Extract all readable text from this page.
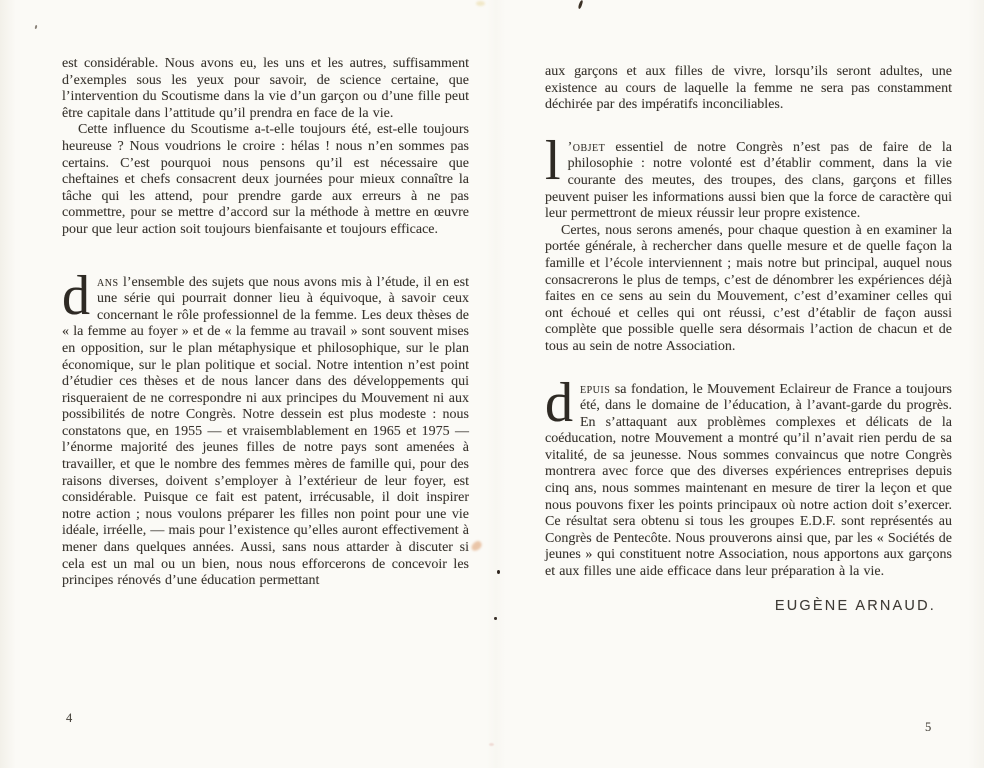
est considérable. Nous avons eu, les uns et les autres, suffisamment d’exemples sous les yeux pour savoir, de science certaine, que l’intervention du Scoutisme dans la vie d’un garçon ou d’une fille peut être capitale dans l’attitude qu’il prendra en face de la vie.

Cette influence du Scoutisme a-t-elle toujours été, est-elle toujours heureuse ? Nous voudrions le croire : hélas ! nous n’en sommes pas certains. C’est pourquoi nous pensons qu’il est nécessaire que cheftaines et chefs consacrent deux journées pour mieux connaître la tâche qui les attend, pour prendre garde aux erreurs à ne pas commettre, pour se mettre d’accord sur la méthode à mettre en œuvre pour que leur action soit toujours bienfaisante et toujours efficace.

dans l’ensemble des sujets que nous avons mis à l’étude, il en est une série qui pourrait donner lieu à équivoque, à savoir ceux concernant le rôle professionnel de la femme. Les deux thèses de « la femme au foyer » et de « la femme au travail » sont souvent mises en opposition, sur le plan métaphysique et philosophique, sur le plan économique, sur le plan politique et social. Notre intention n’est point d’étudier ces thèses et de nous lancer dans des développements qui risqueraient de ne correspondre ni aux principes du Mouvement ni aux possibilités de notre Congrès. Notre dessein est plus modeste : nous constatons que, en 1955 — et vraisemblablement en 1965 et 1975 — l’énorme majorité des jeunes filles de notre pays sont amenées à travailler, et que le nombre des femmes mères de famille qui, pour des raisons diverses, doivent s’employer à l’extérieur de leur foyer, est considérable. Puisque ce fait est patent, irrécusable, il doit inspirer notre action ; nous voulons préparer les filles non point pour une vie idéale, irréelle, — mais pour l’existence qu’elles auront effectivement à mener dans quelques années. Aussi, sans nous attarder à discuter si cela est un mal ou un bien, nous nous efforcerons de concevoir les principes rénovés d’une éducation permettant

aux garçons et aux filles de vivre, lorsqu’ils seront adultes, une existence au cours de laquelle la femme ne sera pas constamment déchirée par des impératifs inconciliables.

l ’objet essentiel de notre Congrès n’est pas de faire de la philosophie : notre volonté est d’établir comment, dans la vie courante des meutes, des troupes, des clans, garçons et filles peuvent puiser les informations aussi bien que la force de caractère qui leur permettront de mieux réussir leur propre existence.

Certes, nous serons amenés, pour chaque question à en examiner la portée générale, à rechercher dans quelle mesure et de quelle façon la famille et l’école interviennent ; mais notre but principal, auquel nous consacrerons le plus de temps, c’est de dénombrer les expériences déjà faites en ce sens au sein du Mouvement, c’est d’examiner celles qui ont échoué et celles qui ont réussi, c’est d’établir de façon aussi complète que possible quelle sera désormais l’action de chacun et de tous au sein de notre Association.

depuis sa fondation, le Mouvement Eclaireur de France a toujours été, dans le domaine de l’éducation, à l’avant-garde du progrès. En s’attaquant aux problèmes complexes et délicats de la coéducation, notre Mouvement a montré qu’il n’avait rien perdu de sa vitalité, de sa jeunesse. Nous sommes convaincus que notre Congrès montrera avec force que des diverses expériences entreprises depuis cinq ans, nous sommes maintenant en mesure de tirer la leçon et que nous pouvons fixer les points principaux où notre action doit s’exercer. Ce résultat sera obtenu si tous les groupes E.D.F. sont représentés au Congrès de Pentecôte. Nous prouverons ainsi que, par les « Sociétés de jeunes » qui constituent notre Association, nous apportons aux garçons et aux filles une aide efficace dans leur préparation à la vie.

EUGÈNE ARNAUD.

4
5
